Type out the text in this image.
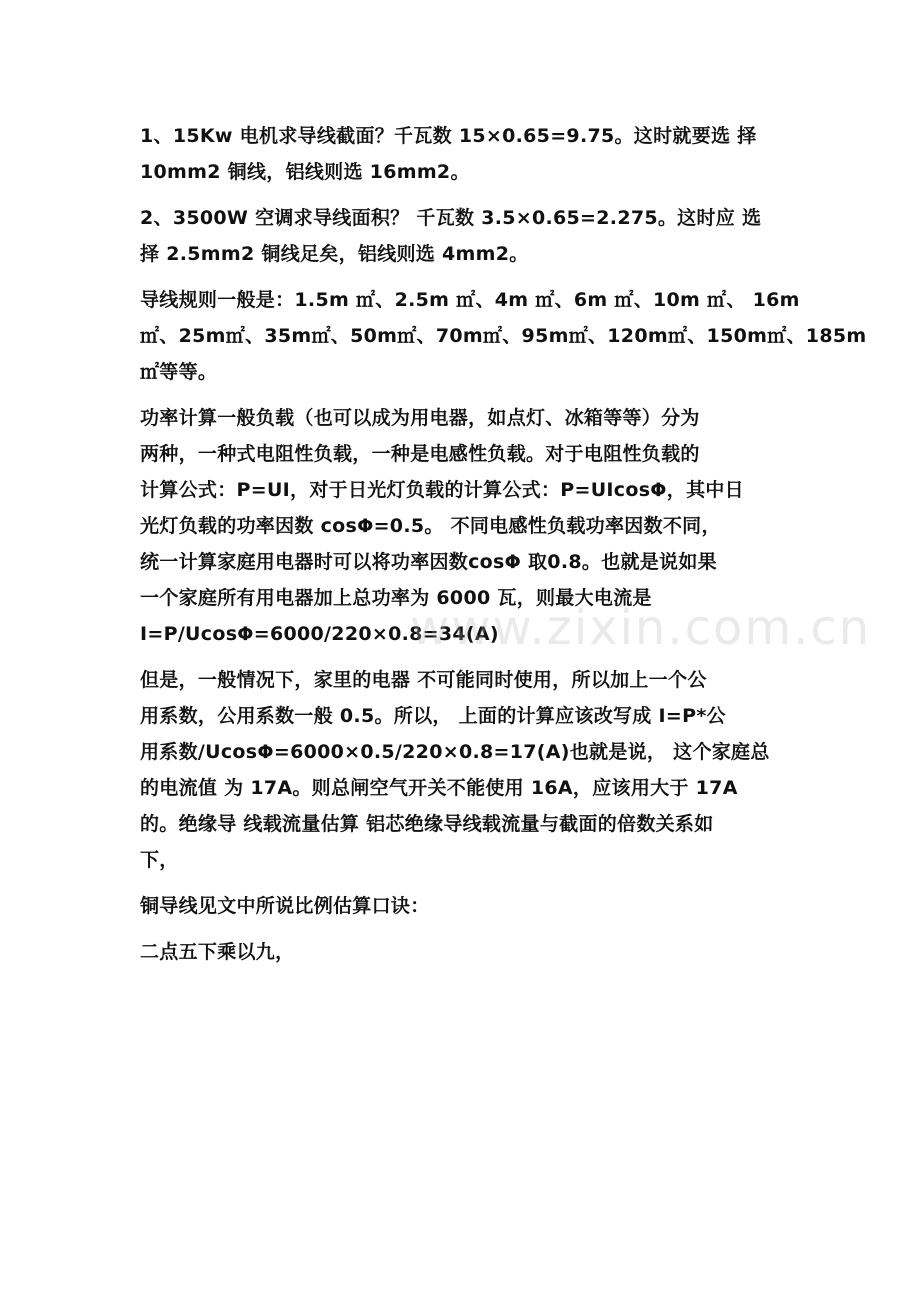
1、15Kw 电机求导线截面？千瓦数 15×0.65=9.75。这时就要选 择
10mm2 铜线，铝线则选 16mm2。
2、3500W 空调求导线面积？ 千瓦数 3.5×0.65=2.275。这时应 选
择 2.5mm2 铜线足矣，铝线则选 4mm2。
导线规则一般是：1.5m ㎡、2.5m ㎡、4m ㎡、6m ㎡、10m ㎡、 16m
㎡、25m㎡、35m㎡、50m㎡、70m㎡、95m㎡、120m㎡、150m㎡、185m
㎡等等。
功率计算一般负载（也可以成为用电器，如点灯、冰箱等等）分为
两种，一种式电阻性负载，一种是电感性负载。对于电阻性负载的
计算公式：P=UI，对于日光灯负载的计算公式：P=UIcosΦ，其中日
光灯负载的功率因数 cosΦ=0.5。 不同电感性负载功率因数不同，
统一计算家庭用电器时可以将功率因数cosΦ 取0.8。也就是说如果
一个家庭所有用电器加上总功率为 6000 瓦，则最大电流是
I=P/UcosΦ=6000/220×0.8=34(A)
但是，一般情况下，家里的电器 不可能同时使用，所以加上一个公
用系数，公用系数一般 0.5。所以， 上面的计算应该改写成 I=P*公
用系数/UcosΦ=6000×0.5/220×0.8=17(A)也就是说， 这个家庭总
的电流值 为 17A。则总闸空气开关不能使用 16A，应该用大于 17A
的。绝缘导 线载流量估算 铝芯绝缘导线载流量与截面的倍数关系如
下，
铜导线见文中所说比例估算口诀：
二点五下乘以九，
www.zixin.com.cn
